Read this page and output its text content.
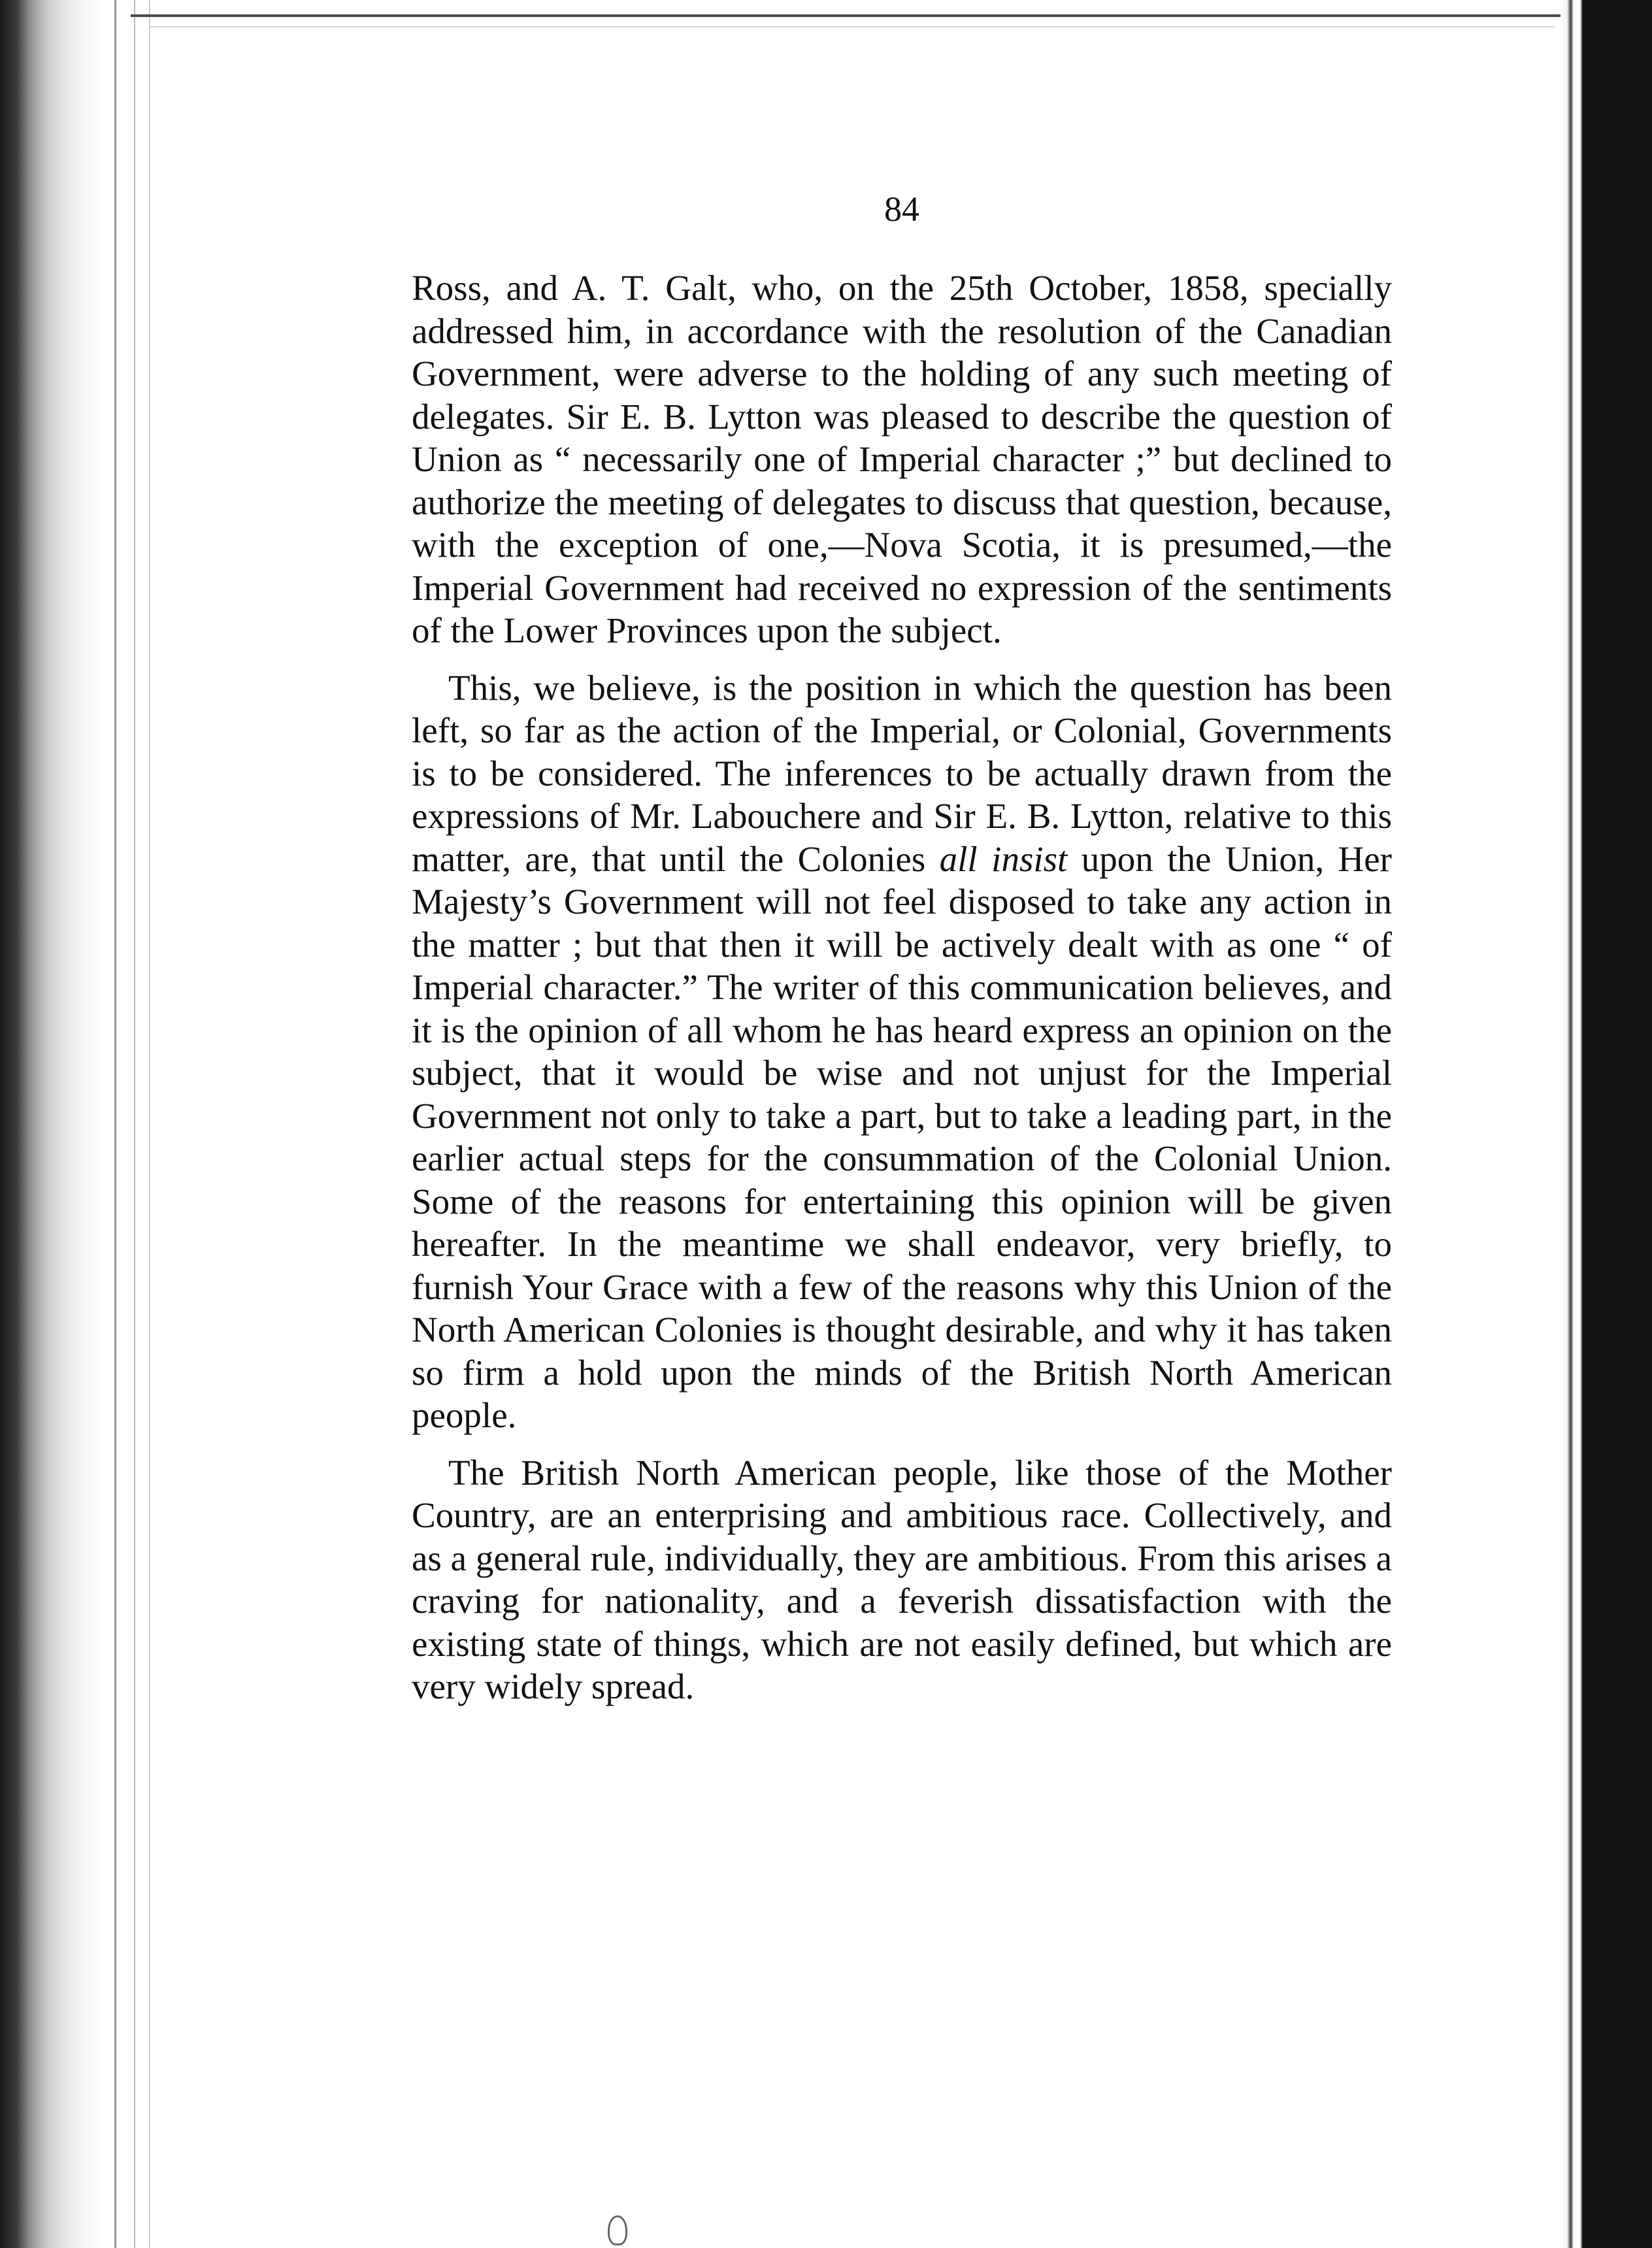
84

Ross, and A. T. Galt, who, on the 25th October, 1858, specially addressed him, in accordance with the resolution of the Canadian Government, were adverse to the holding of any such meeting of delegates. Sir E. B. Lytton was pleased to describe the question of Union as “ necessarily one of Imperial character ;” but declined to authorize the meeting of delegates to discuss that question, because, with the exception of one,—Nova Scotia, it is presumed,—the Imperial Government had received no expression of the sentiments of the Lower Provinces upon the subject.

This, we believe, is the position in which the question has been left, so far as the action of the Imperial, or Colonial, Governments is to be considered. The inferences to be actually drawn from the expressions of Mr. Labouchere and Sir E. B. Lytton, relative to this matter, are, that until the Colonies all insist upon the Union, Her Majesty’s Government will not feel disposed to take any action in the matter ; but that then it will be actively dealt with as one “ of Imperial character.” The writer of this communication believes, and it is the opinion of all whom he has heard express an opinion on the subject, that it would be wise and not unjust for the Imperial Government not only to take a part, but to take a leading part, in the earlier actual steps for the consummation of the Colonial Union. Some of the reasons for entertaining this opinion will be given hereafter. In the meantime we shall endeavor, very briefly, to furnish Your Grace with a few of the reasons why this Union of the North American Colonies is thought desirable, and why it has taken so firm a hold upon the minds of the British North American people.

The British North American people, like those of the Mother Country, are an enterprising and ambitious race. Collectively, and as a general rule, individually, they are ambitious. From this arises a craving for nationality, and a feverish dissatisfaction with the existing state of things, which are not easily defined, but which are very widely spread.
